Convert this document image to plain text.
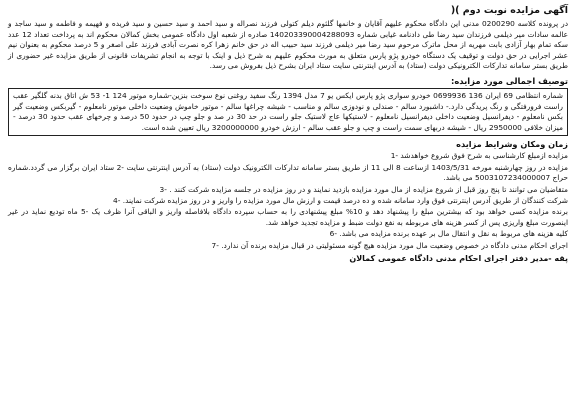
آگهی مزایده نوبت دوم )(

در پرونده کلاسه 0200290 مدنی این دادگاه محکوم علیهم آقایان و خانمها گلثوم دیلم کتولی فرزند نصراله و سید احمد و سید حسین و سید فریده و فهیمه و فاطمه و سید ساجد و عالمه سادات میر دیلمی فرزندان سید رضا طی دادنامه غیابی شماره 140203390004288093 صادره از شعبه اول دادگاه عمومی بخش کمالان محکوم اند به پرداخت تعداد 12 عدد سکه تمام بهار آزادی بابت مهریه از محل ماترک مرحوم سید رضا میر دیلمی فرزند سید حبیب اله در حق خانم زهرا کره نصرت آبادی فرزند علی اصغر و 5 درصد محکوم به بعنوان نیم عشر اجرایی در حق دولت و توقیف یک دستگاه خودرو پژو پارس متعلق به مورث محکوم علیهم به شرح ذیل و اینک با توجه به انجام تشریفات قانونی از طریق مزایده غیر حضوری از طریق بستر سامانه تدارکات الکترونیکی دولت (ستاد) به آدرس اینترنتی سایت ستاد ایران بشرح ذیل بفروش می رسد.

توصیف اجمالی مورد مزایده:
شماره انتظامی 69 ایران 136 0699936 خودرو سواری پژو پارس ایکس یو 7 مدل 1394 رنگ سفید روغنی نوع سوخت بنزین-شماره موتور 124 1- 53 ش اتاق بدنه گلگیر عقب راست فرورفتگی و رنگ پریدگی دارد.- داشبورد سالم - صندلی و نودوزی سالم و مناسب - شیشه چراغها سالم - موتور خاموش وضعیت داخلی موتور نامعلوم - گیربکس وضعیت گیر بکس نامعلوم - دیفرانسیل وضعیت داخلی دیفرانسیل نامعلوم - لاستیکها عاج لاستیک جلو راست در حد 30 در صد و جلو چپ در حدود 50 درصد و چرخهای عقب حدود 30 درصد - میزان خلافی 2950000 ریال - شیشه دربهای سمت راست و چپ و جلو عقب سالم - ارزش خودرو 3200000000 ریال تعیین شده است.
زمان ومکان وشرایط مزایده

مزایده ازمبلغ کارشناسی به شرح فوق شروع خواهدشد -1

مزایده در روز چهارشنبه مورخه 1403/5/31 ازساعت 8 الی 11 از طریق بستر سامانه تدارکات الکترونیک دولت (ستاد) به آدرس اینترنتی سایت -2 ستاد ایران برگزار می گردد.شماره حراج 5003107234000007 می باشد.

متقاضیان می توانند تا پنج روز قبل از شروع مزایده از مال مورد مزایده بازدید نمایند و در روز مزایده در جلسه مزایده شرکت کنند . -3

شرکت کنندگان از طریق آدرس اینترنتی فوق وارد سامانه شده و ده درصد قیمت و ارزش مال مورد مزایده را واریز و در روز مزایده شرکت نمایند. -4

برنده مزایده کسی خواهد بود که بیشترین مبلغ را پیشنهاد دهد و 10% مبلغ پیشنهادی را به حساب سپرده دادگاه بلافاصله واریز و الباقی آنرا ظرف یک -5 ماه تودیع نماید در غیر اینصورت مبلغ واریزی پس از کسر هزینه های مربوطه به نفع دولت ضبط و مزایده تجدید خواهد شد.

کلیه هزینه های مربوط به نقل و انتقال مال بر عهده برنده مزایده می باشد. -6

اجرای احکام مدنی دادگاه در خصوص وضعیت مال مورد مزایده هیچ گونه مسئولیتی در قبال مزایده برنده آن ندارد. -7

پقه -مدیر دفتر اجرای احکام مدنی دادگاه عمومی کمالان
